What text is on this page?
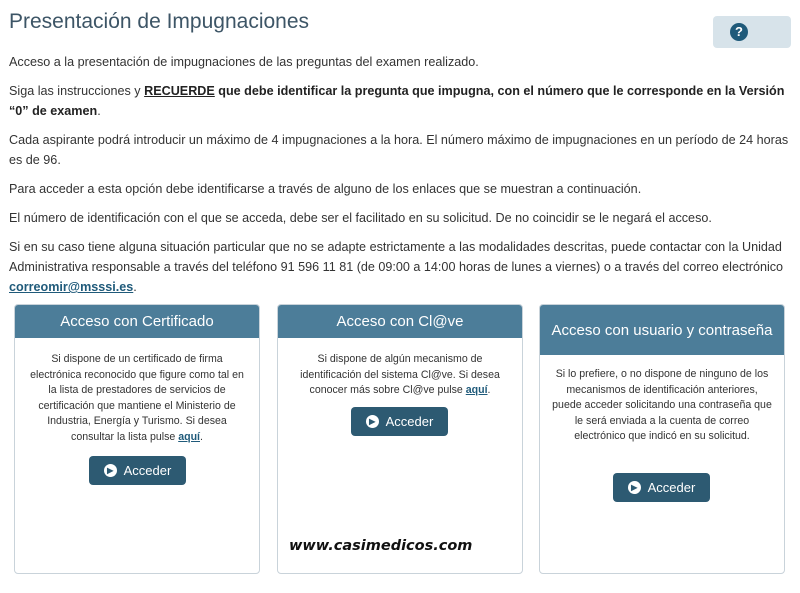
Presentación de Impugnaciones	?

Acceso a la presentación de impugnaciones de las preguntas del examen realizado.

Siga las instrucciones y RECUERDE que debe identificar la pregunta que impugna, con el número que le corresponde en la Versión “0” de examen.

Cada aspirante podrá introducir un máximo de 4 impugnaciones a la hora. El número máximo de impugnaciones en un período de 24 horas es de 96.

Para acceder a esta opción debe identificarse a través de alguno de los enlaces que se muestran a continuación.

El número de identificación con el que se acceda, debe ser el facilitado en su solicitud. De no coincidir se le negará el acceso.

Si en su caso tiene alguna situación particular que no se adapte estrictamente a las modalidades descritas, puede contactar con la Unidad Administrativa responsable a través del teléfono 91 596 11 81 (de 09:00 a 14:00 horas de lunes a viernes) o a través del correo electrónico correomir@msssi.es.

Acceso con Certificado
Si dispone de un certificado de firma electrónica reconocido que figure como tal en la lista de prestadores de servicios de certificación que mantiene el Ministerio de Industria, Energía y Turismo. Si desea consultar la lista pulse aquí.
▶ Acceder
Acceso con Cl@ve
Si dispone de algún mecanismo de identificación del sistema Cl@ve. Si desea conocer más sobre Cl@ve pulse aquí.
▶ Acceder
Acceso con usuario y contraseña
Si lo prefiere, o no dispone de ninguno de los mecanismos de identificación anteriores, puede acceder solicitando una contraseña que le será enviada a la cuenta de correo electrónico que indicó en su solicitud.
▶ Acceder
www.casimedicos.com
